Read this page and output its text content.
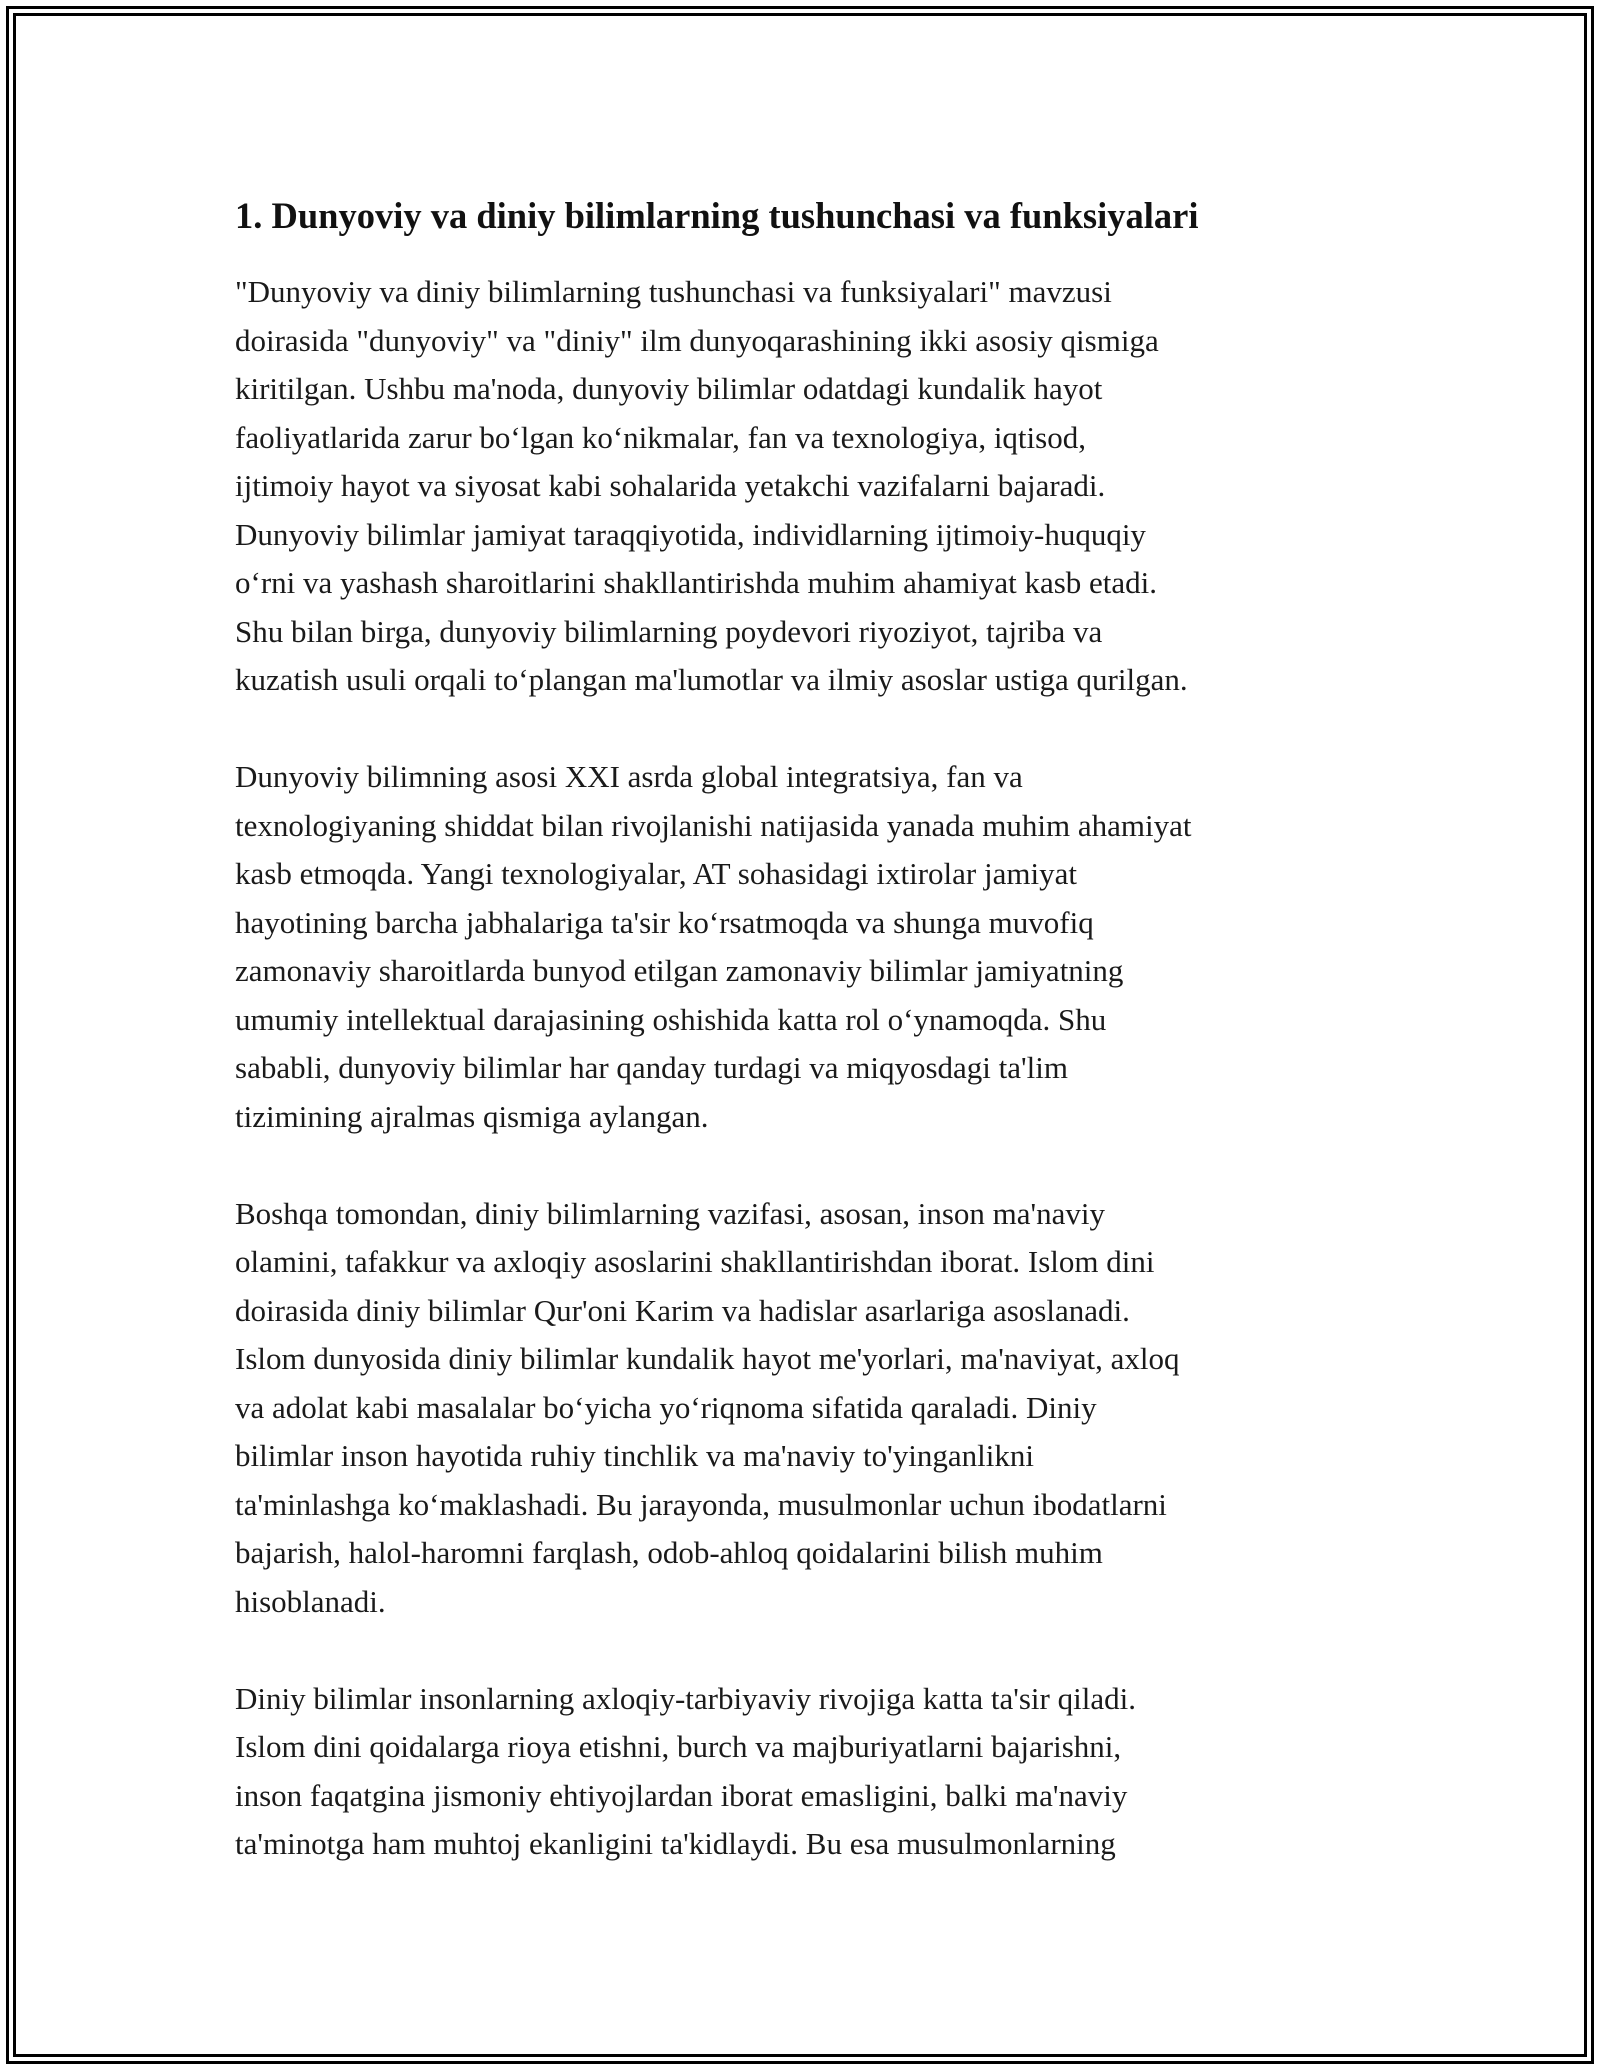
1. Dunyoviy va diniy bilimlarning tushunchasi va funksiyalari

"Dunyoviy va diniy bilimlarning tushunchasi va funksiyalari" mavzusi
doirasida "dunyoviy" va "diniy" ilm dunyoqarashining ikki asosiy qismiga
kiritilgan. Ushbu ma'noda, dunyoviy bilimlar odatdagi kundalik hayot
faoliyatlarida zarur bo‘lgan ko‘nikmalar, fan va texnologiya, iqtisod,
ijtimoiy hayot va siyosat kabi sohalarida yetakchi vazifalarni bajaradi.
Dunyoviy bilimlar jamiyat taraqqiyotida, individlarning ijtimoiy-huquqiy
o‘rni va yashash sharoitlarini shakllantirishda muhim ahamiyat kasb etadi.
Shu bilan birga, dunyoviy bilimlarning poydevori riyoziyot, tajriba va
kuzatish usuli orqali to‘plangan ma'lumotlar va ilmiy asoslar ustiga qurilgan.

Dunyoviy bilimning asosi XXI asrda global integratsiya, fan va
texnologiyaning shiddat bilan rivojlanishi natijasida yanada muhim ahamiyat
kasb etmoqda. Yangi texnologiyalar, AT sohasidagi ixtirolar jamiyat
hayotining barcha jabhalariga ta'sir ko‘rsatmoqda va shunga muvofiq
zamonaviy sharoitlarda bunyod etilgan zamonaviy bilimlar jamiyatning
umumiy intellektual darajasining oshishida katta rol o‘ynamoqda. Shu
sababli, dunyoviy bilimlar har qanday turdagi va miqyosdagi ta'lim
tizimining ajralmas qismiga aylangan.

Boshqa tomondan, diniy bilimlarning vazifasi, asosan, inson ma'naviy
olamini, tafakkur va axloqiy asoslarini shakllantirishdan iborat. Islom dini
doirasida diniy bilimlar Qur'oni Karim va hadislar asarlariga asoslanadi.
Islom dunyosida diniy bilimlar kundalik hayot me'yorlari, ma'naviyat, axloq
va adolat kabi masalalar bo‘yicha yo‘riqnoma sifatida qaraladi. Diniy
bilimlar inson hayotida ruhiy tinchlik va ma'naviy to'yinganlikni
ta'minlashga ko‘maklashadi. Bu jarayonda, musulmonlar uchun ibodatlarni
bajarish, halol-haromni farqlash, odob-ahloq qoidalarini bilish muhim
hisoblanadi.

Diniy bilimlar insonlarning axloqiy-tarbiyaviy rivojiga katta ta'sir qiladi.
Islom dini qoidalarga rioya etishni, burch va majburiyatlarni bajarishni,
inson faqatgina jismoniy ehtiyojlardan iborat emasligini, balki ma'naviy
ta'minotga ham muhtoj ekanligini ta'kidlaydi. Bu esa musulmonlarning
